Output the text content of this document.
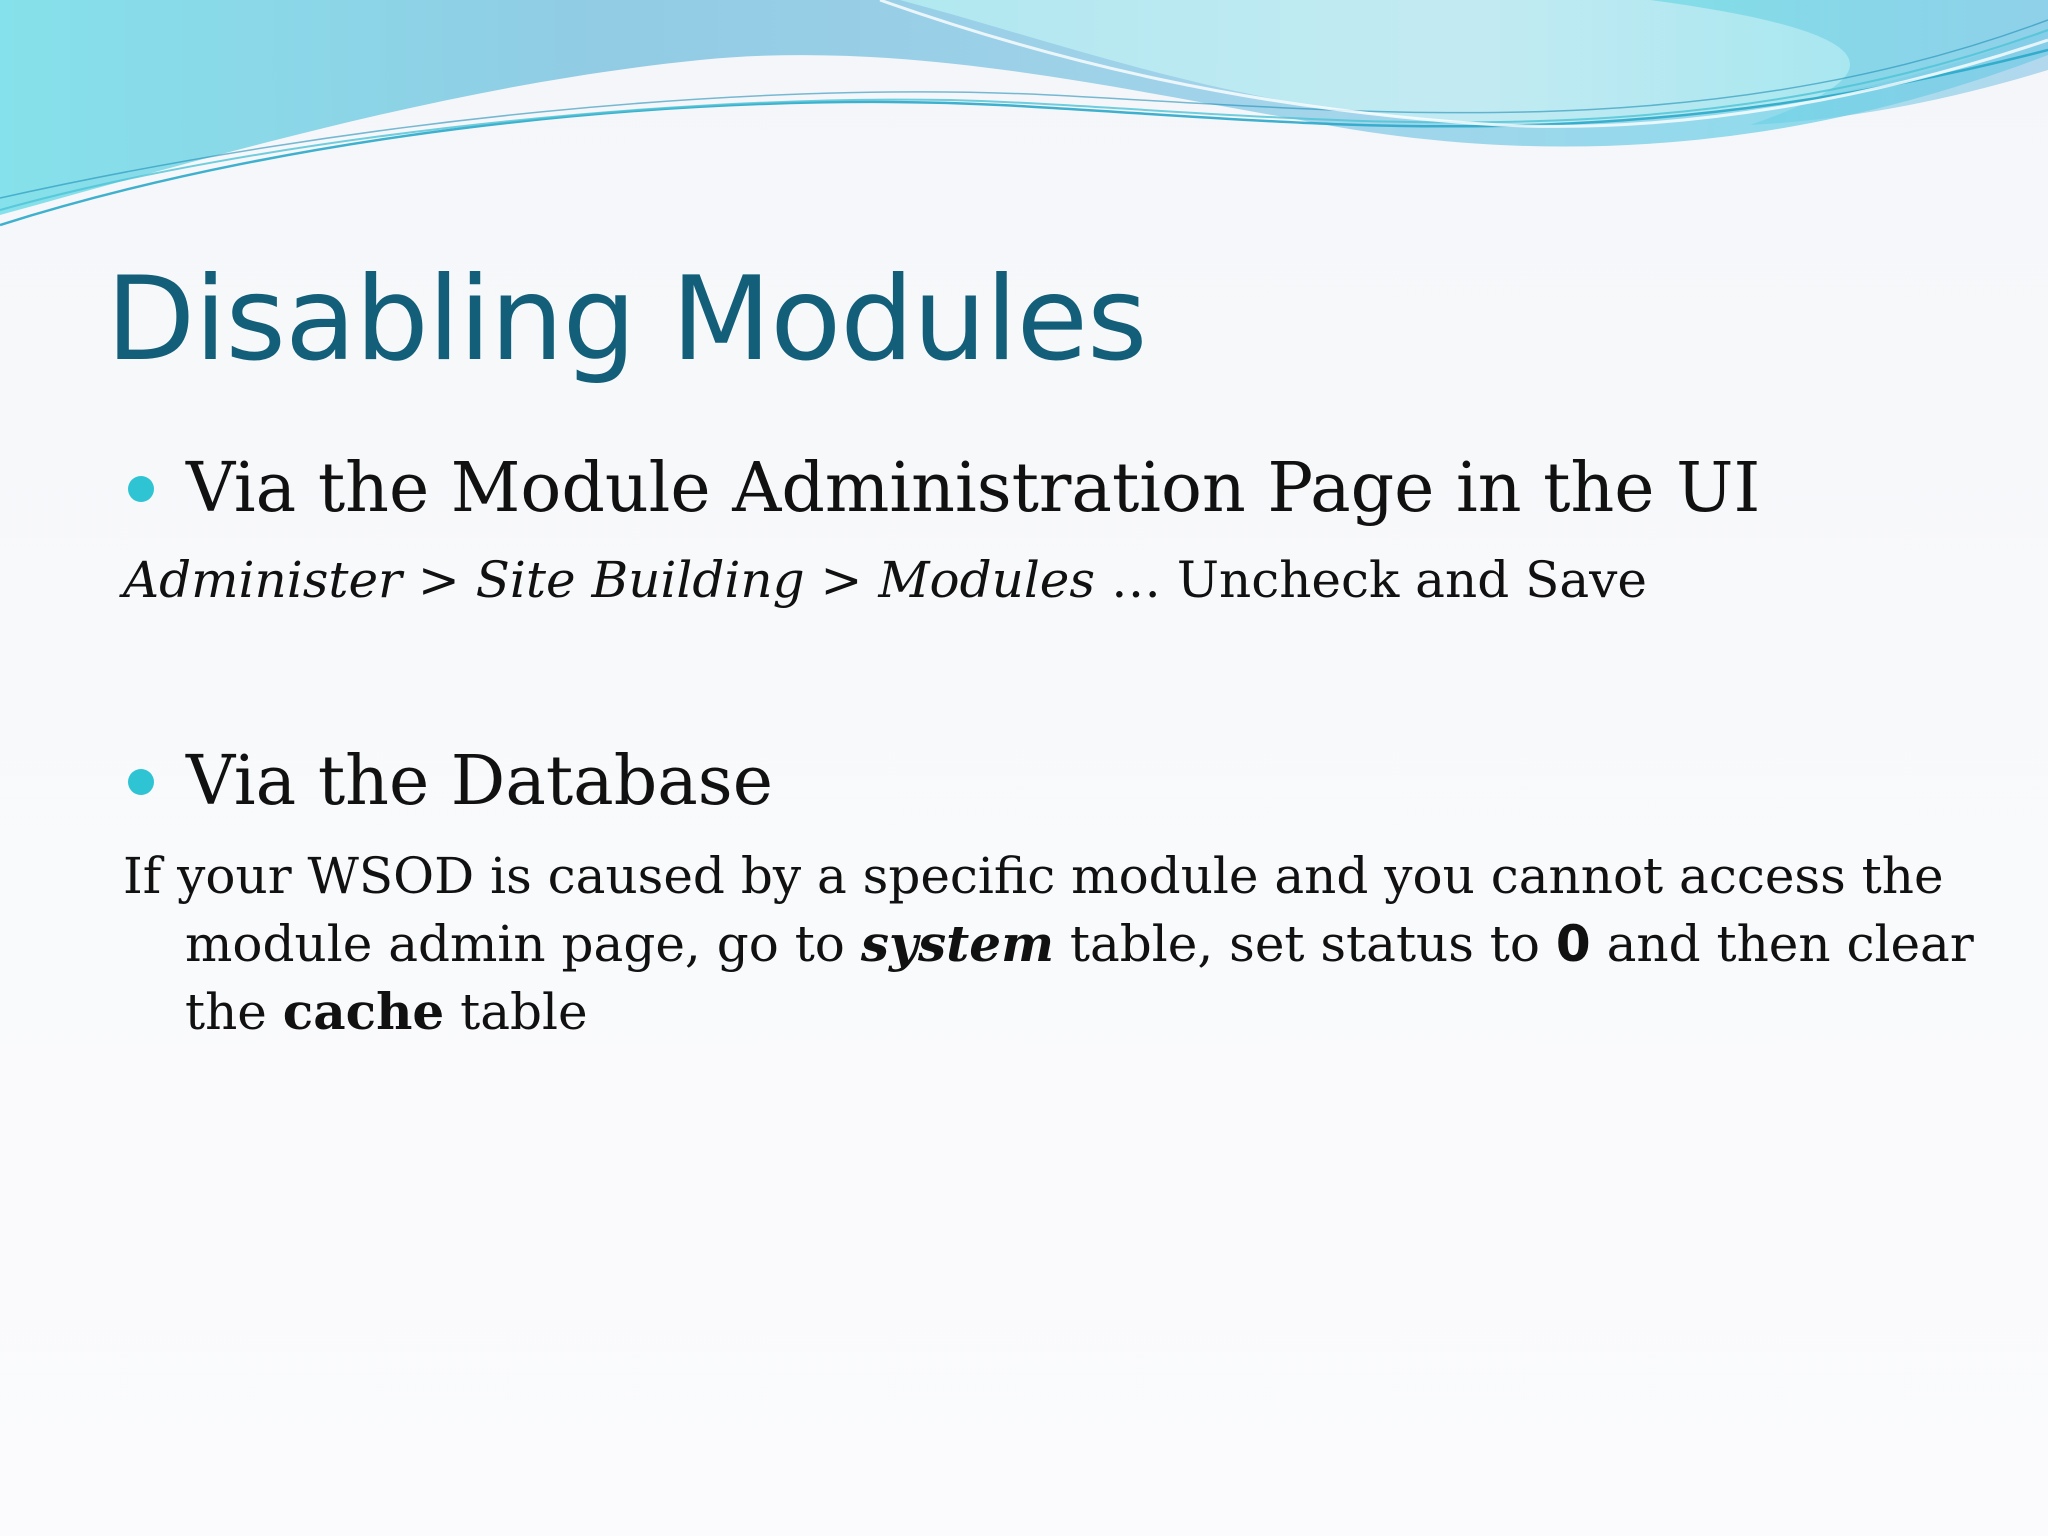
Disabling Modules
Via the Module Administration Page in the UI
Administer > Site Building > Modules … Uncheck and Save
Via the Database
If your WSOD is caused by a specific module and you cannot access the module admin page, go to system table, set status to 0 and then clear the cache table
